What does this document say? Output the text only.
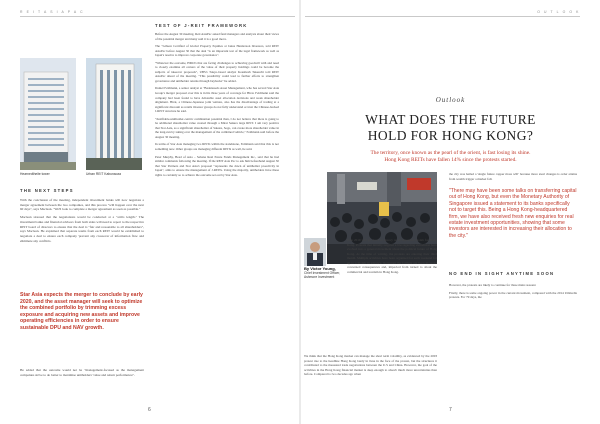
R E I T A S I A P A C
Hearnedtheite tower	Urban REIT Kabunaoza
THE NEXT STEPS

With the conclusion of the meeting, independent investment banks will now negotiate a merger agreement between the two companies, and this process "will happen over the next 60 days", says Maclean. "We'll look to complete a merger agreement as soon as possible."

Maclean stressed that the negotiations would be conducted at a "arm's length." The investment banks and financial advisors from both sides will need to report to the respective REIT board of directors to ensure that the deal is "fair and reasonable to all shareholders", says Maclean. He explained that separate teams from each REIT would be established to negotiate a deal to ensure each company 'prevent any crossover of information flow and eliminate any conflicts.

Star Asia expects the merger to conclude by early 2020, and the asset manager will seek to optimize the combined portfolio by trimming excess exposure and acquiring new assets and improve operating efficiencies in order to ensure sustainable DPU and NAV growth.
He added that the outcome would not be "management-focused as the management companies strive to do better to maximise unitholders' value and return performance".
TEST OF J-REIT FRAMEWORK

Before the August 30 meeting, Reit AsiaPac asked fund managers and analysts about their views of the potential merger and many said it is a good move.

The "Gibson Certified of Global Property Equities at Janus Henderson Investors, told REIT AsiaPac before August 30 that the deal "is an important test of the legal framework as well as Japan's resolve to improve corporate governance".

"Whatever the outcome, HMO's that are facing challenges to achieving goodwill with and need to closely examine all owners of the value of their property holdings could be become the subjects of takeover proposals", UBS's Tokyo-based analyst Kousilesh Takeuchi told REIT AsiaPac ahead of the meeting. "This possibility could lead to further efforts to strengthen governance and unitholder returns through buybacks" he added.

Daniel Feldmann, a senior analyst at "Badenreeds Asset Management, who has served Star Asia Group's merger proposal over this is in his three years of coverage for Hirai. Feldmann said the company had been found to have debatable asset allocation decisions and weak shareholder alignment. Hirai, a Chinese-Japanese joint venture, also has the disadvantage of trading at a significant discount as retails investor groups do not fully understand or trust the Chinese-backed J-REIT structure he said.

"Justifiable-unitholder-centric combination potential then, I do not believe that there is going to be additional shareholder value created through a Mirai Sakura large REIT. I am very positive that Star Asia, as a significant shareholder of Sakura, Sogo, can create more shareholder value in the long-run by taking over the management of the combined vehicle," Feldmann said before the August 30 meeting.

In terms of Star Asia managing two REITs within the standalone, Feldmann said that this is not something new. Other groups are managing different REITs as well, he said.

Peter Murphy, Head of Asia – Sabana Real Estate Funds Management Inc., said that he had similar comments following the meeting. If the REIT Asia Pac to ask him beforehand August 30 that Star Partners and Star Asia's proposal "represents the dawn of unitholder proactivity in Japan", aims to ensure the management of J-REITs. Using the majority, unitholders have these rights to certainly so to achieve the outcome set out by Star Asia.

6
O U T L O O K
Outlook
WHAT DOES THE FUTURE
HOLD FOR HONG KONG?
The territory, once known as the pearl of the orient, is fast losing its shine.
Hong Kong REITs have fallen 14% since the protests started.
By Victor Young,
Chief Investment Officer,
Ashmore Investment

June 2019 will go down in history as an important month for Hong Kong. Protests that initially targeted a law regarding extradition have evolved into a general movement about the political future of Hong Kong. At the time of writing, the protests are entering their third month. Multiple activities have been organised for each weekend for up to a month in advance. Retaurant the formats are been moreand concerned consequences and, impacted from turned to about the commercial and tourism in Hong Kong.

We think that the Hong Kong market can manage the short term volatility, as evidenced by the 2003 protest rise to the headline Hong Kong lately in June in the face of the protest, but the structures it contributed to the measured trade negotiations between the U.S and China. However, the goal of the activities in the Hong Kong financial market is deep enough to absorb much more uncertainties than before. Compared to two decades ago when
the city was hailed a 'single future capper more will' because more steal changes is order attains from wealth trigger a market fall.
"There may have been some talks on transferring capital out of Hong Kong, but even the Monetary Authority of Singapore issued a statement to its banks specifically not to target this. Being a Hong Kong-headquartered firm, we have also received fresh new enquiries for real estate investment opportunities, showing that some investors are interested in increasing their allocation to the city."
NO END IN SIGHT ANYTIME SOON

However, the protests are likely to continue for three main reasons:

Firstly, there is some ongoing power in the current movement, compared with the 2014 Umbrella protests. For 79 days, the

7
